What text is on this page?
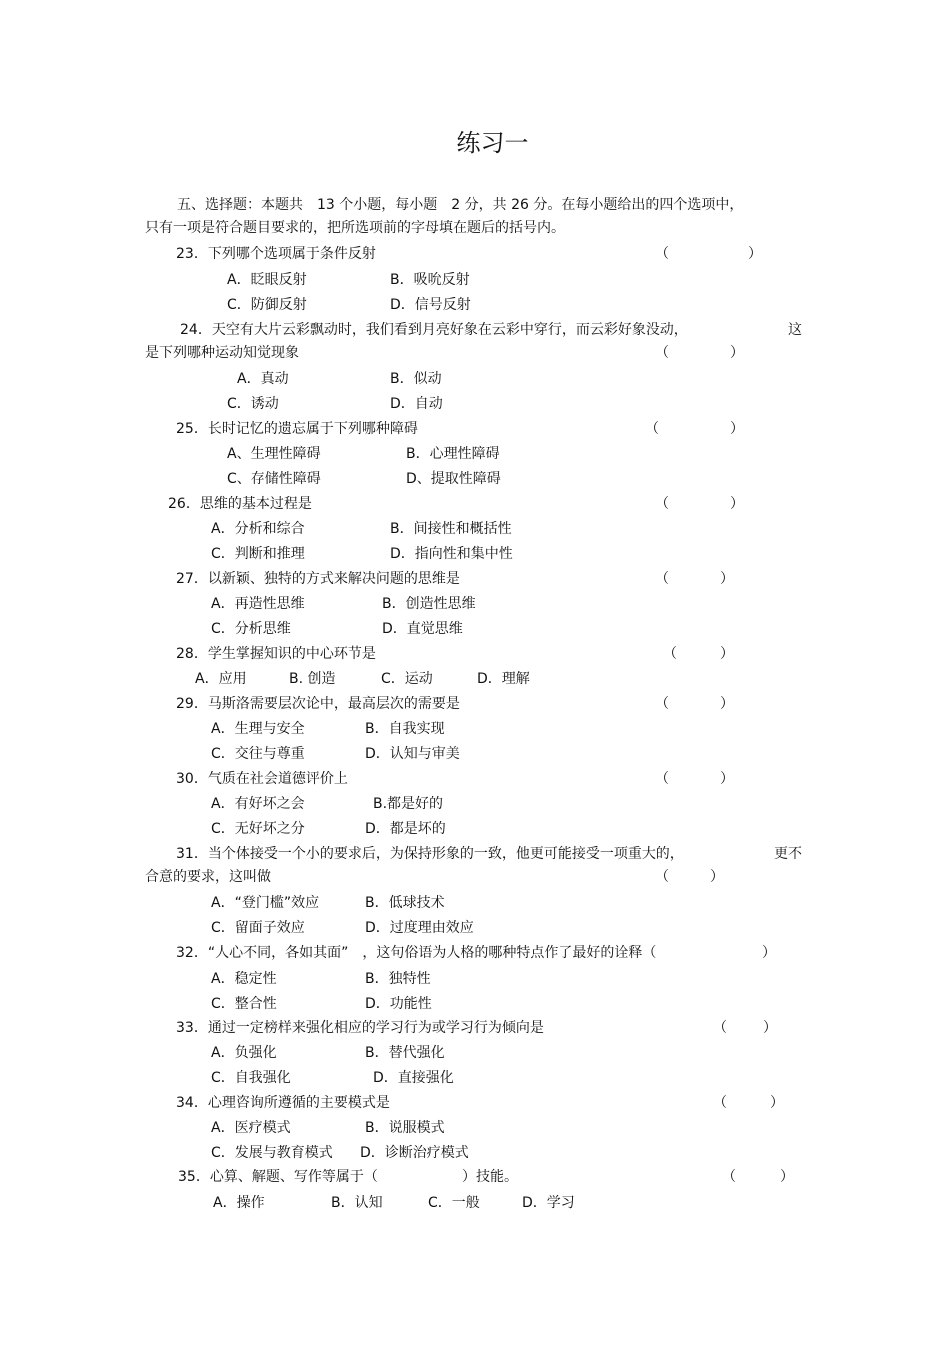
练习一
五、选择题：本题共　13 个小题，每小题　2 分，共 26 分。在每小题给出的四个选项中，
只有一项是符合题目要求的，把所选项前的字母填在题后的括号内。
23．下列哪个选项属于条件反射	（	）
A．眨眼反射	B．吸吮反射
C．防御反射	D．信号反射
24．天空有大片云彩飘动时，我们看到月亮好象在云彩中穿行，而云彩好象没动，	这
是下列哪种运动知觉现象	（	）
A．真动	B．似动
C．诱动	D．自动
25．长时记忆的遗忘属于下列哪种障碍	（	）
A、生理性障碍	B．心理性障碍
C、存储性障碍	D、提取性障碍
26．思维的基本过程是	（	）
A．分析和综合	B．间接性和概括性
C．判断和推理	D．指向性和集中性
27．以新颖、独特的方式来解决问题的思维是	（	）
A．再造性思维	B．创造性思维
C．分析思维	D．直觉思维
28．学生掌握知识的中心环节是	（	）
A．应用	B. 创造	C．运动	D．理解
29．马斯洛需要层次论中，最高层次的需要是	（	）
A．生理与安全	B．自我实现
C．交往与尊重	D．认知与审美
30．气质在社会道德评价上	（	）
A．有好坏之会	B.都是好的
C．无好坏之分	D．都是坏的
31．当个体接受一个小的要求后，为保持形象的一致，他更可能接受一项重大的，	更不
合意的要求，这叫做	（	）
A．“登门槛”效应	B．低球技术
C．留面子效应	D．过度理由效应
32．“人心不同，各如其面”　，这句俗语为人格的哪种特点作了最好的诠释（	）
A．稳定性	B．独特性
C．整合性	D．功能性
33．通过一定榜样来强化相应的学习行为或学习行为倾向是	（	）
A．负强化	B．替代强化
C．自我强化	D．直接强化
34．心理咨询所遵循的主要模式是	（	）
A．医疗模式	B．说服模式
C．发展与教育模式 D．诊断治疗模式
35．心算、解题、写作等属于（	）技能。	（	）
A．操作	B．认知	C．一般	D．学习
